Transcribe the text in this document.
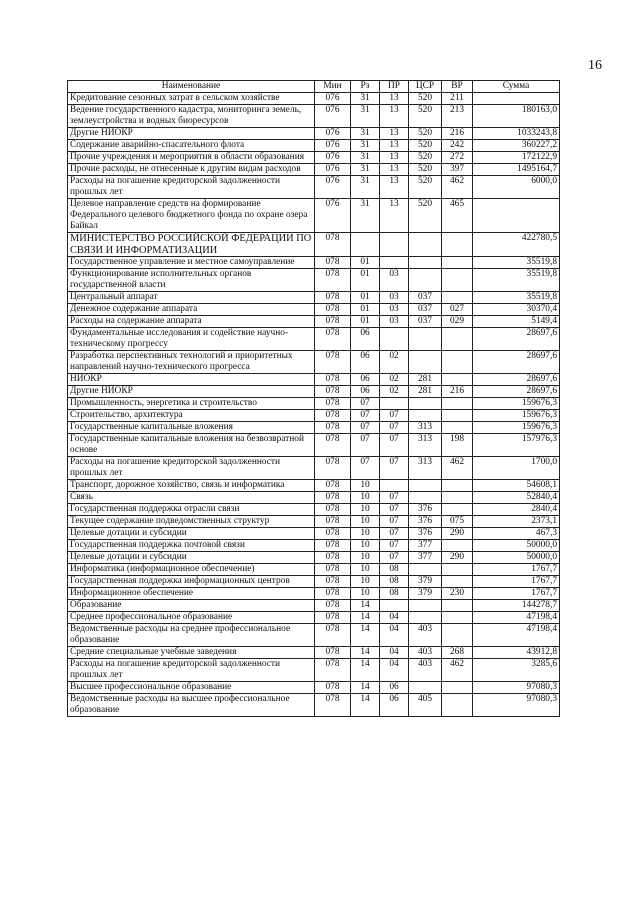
16
Наименование	Мин	Рз	ПР	ЦСР	ВР	Сумма
Кредитование сезонных затрат в сельском хозяйстве	076	31	13	520	211	
Ведение государственного кадастра, мониторинга земель, землеустройства и водных биоресурсов	076	31	13	520	213	180163,0
Другие НИОКР	076	31	13	520	216	1033243,8
Содержание аварийно-спасательного флота	076	31	13	520	242	360227,2
Прочие учреждения и мероприятия в области образования	076	31	13	520	272	172122,9
Прочие расходы, не отнесенные к другим видам расходов	076	31	13	520	397	1495164,7
Расходы на погашение кредиторской задолженности прошлых лет	076	31	13	520	462	6000,0
Целевое направление средств на формирование Федерального целевого бюджетного фонда по охране озера Байкал	076	31	13	520	465	
МИНИСТЕРСТВО РОССИЙСКОЙ ФЕДЕРАЦИИ ПО СВЯЗИ И ИНФОРМАТИЗАЦИИ	078					422780,5
Государственное управление и местное самоуправление	078	01				35519,8
Функционирование исполнительных органов государственной власти	078	01	03			35519,8
Центральный аппарат	078	01	03	037		35519,8
Денежное содержание аппарата	078	01	03	037	027	30370,4
Расходы на содержание аппарата	078	01	03	037	029	5149,4
Фундаментальные исследования и содействие научно-техническому прогрессу	078	06				28697,6
Разработка перспективных технологий и приоритетных направлений научно-технического прогресса	078	06	02			28697,6
НИОКР	078	06	02	281		28697,6
Другие НИОКР	078	06	02	281	216	28697,6
Промышленность, энергетика и строительство	078	07				159676,3
Строительство, архитектура	078	07	07			159676,3
Государственные капитальные вложения	078	07	07	313		159676,3
Государственные капитальные вложения на безвозвратной основе	078	07	07	313	198	157976,3
Расходы на погашение кредиторской задолженности прошлых лет	078	07	07	313	462	1700,0
Транспорт, дорожное хозяйство, связь и информатика	078	10				54608,1
Связь	078	10	07			52840,4
Государственная поддержка отрасли связи	078	10	07	376		2840,4
Текущее содержание подведомственных структур	078	10	07	376	075	2373,1
Целевые дотации и субсидии	078	10	07	376	290	467,3
Государственная поддержка почтовой связи	078	10	07	377		50000,0
Целевые дотации и субсидии	078	10	07	377	290	50000,0
Информатика (информационное обеспечение)	078	10	08			1767,7
Государственная поддержка информационных центров	078	10	08	379		1767,7
Информационное обеспечение	078	10	08	379	230	1767,7
Образование	078	14				144278,7
Среднее профессиональное образование	078	14	04			47198,4
Ведомственные расходы на среднее профессиональное образование	078	14	04	403		47198,4
Средние специальные учебные заведения	078	14	04	403	268	43912,8
Расходы на погашение кредиторской задолженности прошлых лет	078	14	04	403	462	3285,6
Высшее профессиональное образование	078	14	06			97080,3
Ведомственные расходы на высшее профессиональное образование	078	14	06	405		97080,3
